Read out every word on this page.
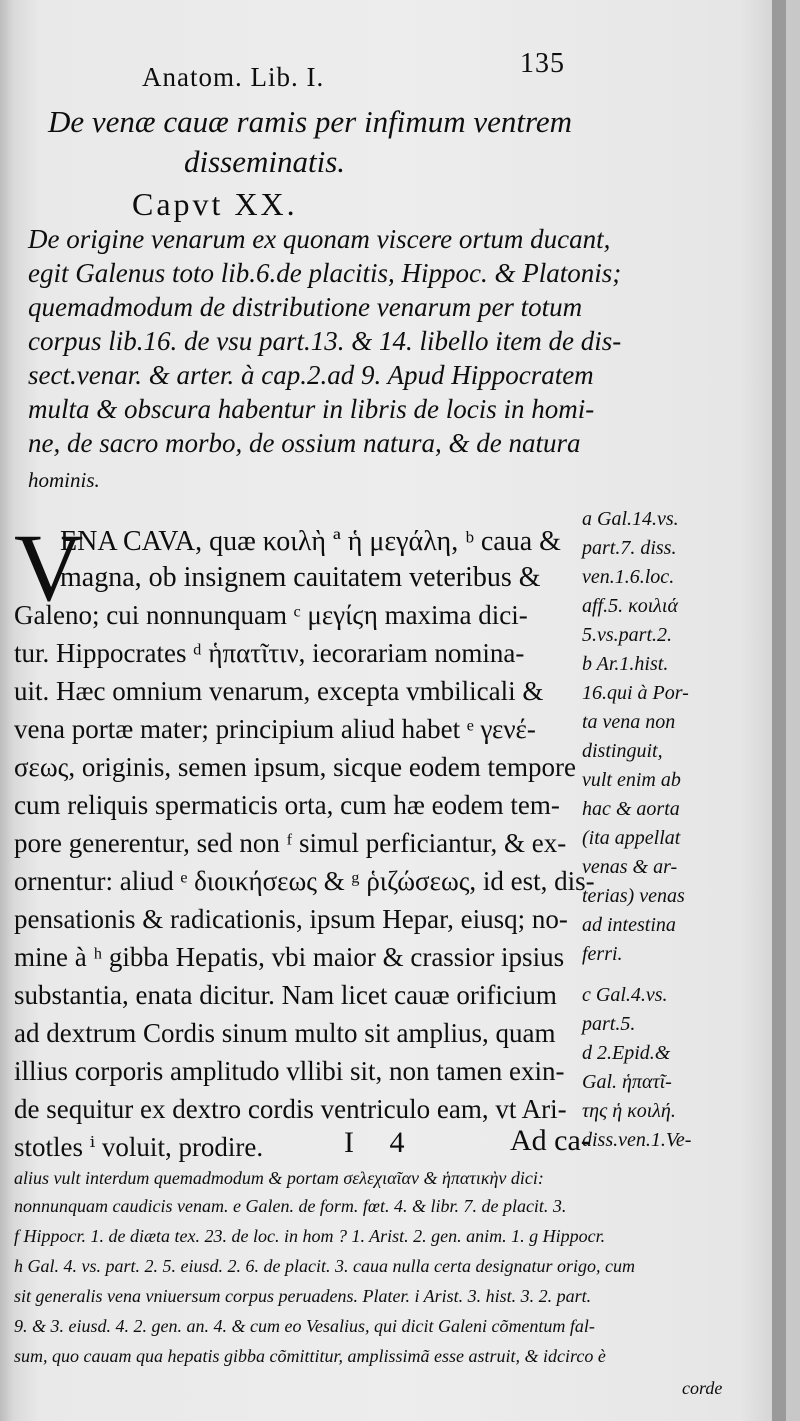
Anatom. Lib. I.	135
De venæ cauæ ramis per infimum ventrem
disseminatis.
Capvt XX.
De origine venarum ex quonam viscere ortum ducant,
egit Galenus toto lib.6.de placitis, Hippoc. & Platonis;
quemadmodum de distributione venarum per totum
corpus lib.16. de vsu part.13. & 14. libello item de dis-
sect.venar. & arter. à cap.2.ad 9. Apud Hippocratem
multa & obscura habentur in libris de locis in homi-
ne, de sacro morbo, de ossium natura, & de natura
hominis.
V
ENA CAVA, quæ κοιλὴ ª ἡ μεγάλη, ᵇ caua &
magna, ob insignem cauitatem veteribus &
Galeno; cui nonnunquam ᶜ μεγίϛη maxima dici-
tur. Hippocrates ᵈ ἡπατῖτιν, iecorariam nomina-
uit. Hæc omnium venarum, excepta vmbilicali &
vena portæ mater; principium aliud habet ᵉ γενέ-
σεως, originis, semen ipsum, sicque eodem tempore
cum reliquis spermaticis orta, cum hæ eodem tem-
pore generentur, sed non ᶠ simul perficiantur, & ex-
ornentur: aliud ᵉ διοικήσεως & ᵍ ῥιζώσεως, id est, dis-
pensationis & radicationis, ipsum Hepar, eiusq; no-
mine à ʰ gibba Hepatis, vbi maior & crassior ipsius
substantia, enata dicitur. Nam licet cauæ orificium
ad dextrum Cordis sinum multo sit amplius, quam
illius corporis amplitudo vllibi sit, non tamen exin-
de sequitur ex dextro cordis ventriculo eam, vt Ari-
stotles ⁱ voluit, prodire.	I 4	Ad ca-
a Gal.14.vs.
part.7. diss.
ven.1.6.loc.
aff.5. κοιλιά
5.vs.part.2.
b Ar.1.hist.
16.qui à Por-
ta vena non
distinguit,
vult enim ab
hac & aorta
(ita appellat
venas & ar-
terias) venas
ad intestina
ferri.
c Gal.4.vs.
part.5.
d 2.Epid.&
Gal. ἡπατῖ-
της ἡ κοιλή.
diss.ven.1.Ve-
alius vult interdum quemadmodum & portam σελεχιαῖαν & ἡπατικὴν dici:
nonnunquam caudicis venam. e Galen. de form. fœt. 4. & libr. 7. de placit. 3.
f Hippocr. 1. de diæta tex. 23. de loc. in hom ? 1. Arist. 2. gen. anim. 1. g Hippocr.
h Gal. 4. vs. part. 2. 5. eiusd. 2. 6. de placit. 3. caua nulla certa designatur origo, cum
sit generalis vena vniuersum corpus peruadens. Plater. i Arist. 3. hist. 3. 2. part.
9. & 3. eiusd. 4. 2. gen. an. 4. & cum eo Vesalius, qui dicit Galeni cõmentum fal-
sum, quo cauam qua hepatis gibba cõmittitur, amplissimã esse astruit, & idcirco è
corde
